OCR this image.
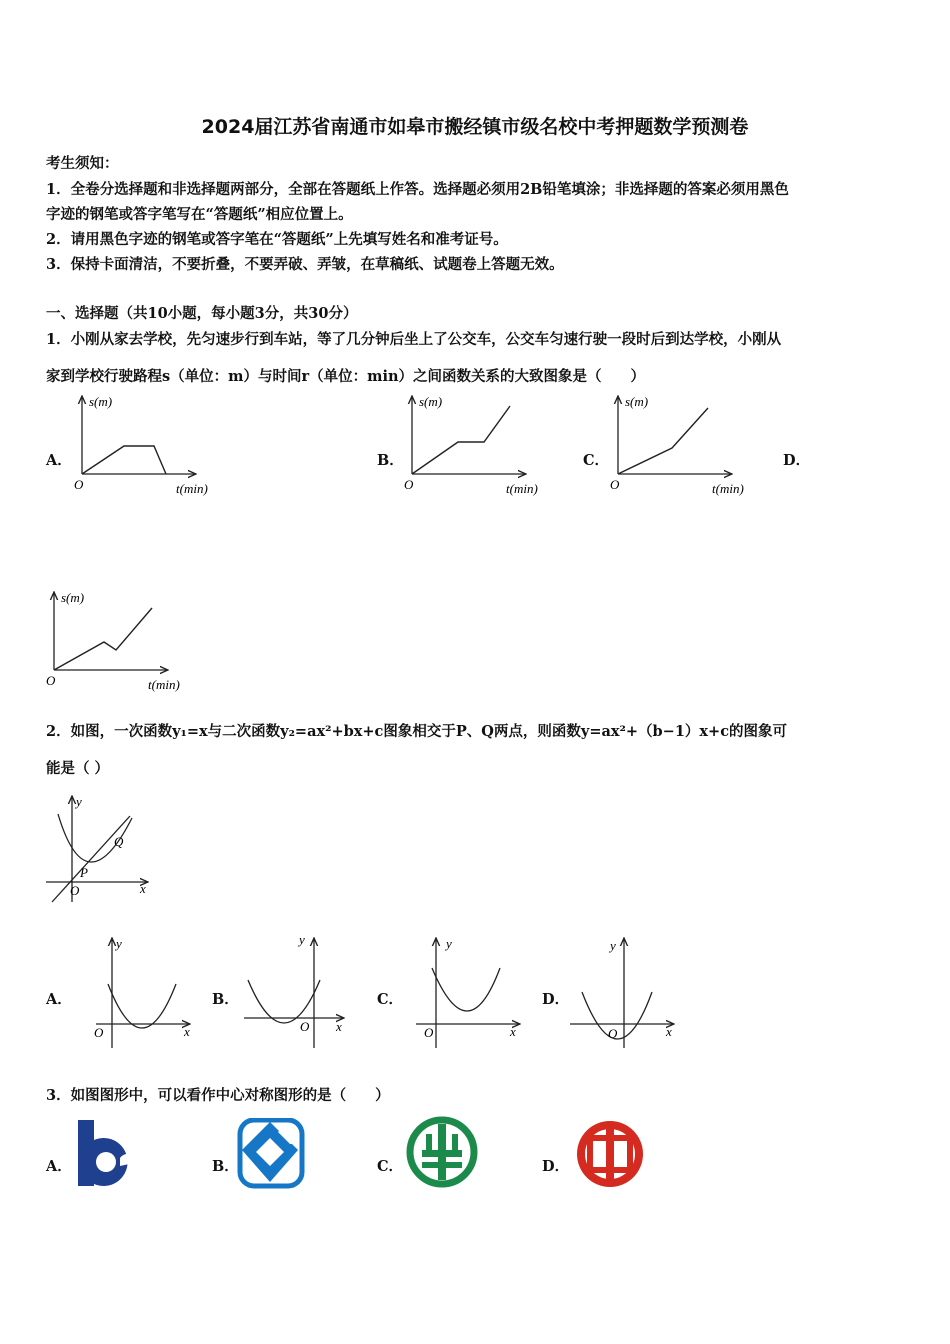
2024届江苏省南通市如皋市搬经镇市级名校中考押题数学预测卷
考生须知：
1．全卷分选择题和非选择题两部分，全部在答题纸上作答。选择题必须用2B铅笔填涂；非选择题的答案必须用黑色
字迹的钢笔或答字笔写在“答题纸”相应位置上。
2．请用黑色字迹的钢笔或答字笔在“答题纸”上先填写姓名和准考证号。
3．保持卡面清洁，不要折叠，不要弄破、弄皱，在草稿纸、试题卷上答题无效。
一、选择题（共10小题，每小题3分，共30分）
1．小刚从家去学校，先匀速步行到车站，等了几分钟后坐上了公交车，公交车匀速行驶一段时后到达学校，小刚从
家到学校行驶路程s（单位：m）与时间r（单位：min）之间函数关系的大致图象是（　　）
A．	B．	C．	D．
s(m)
t(min)
O
s(m)
t(min)
O
s(m)
t(min)
O
s(m)
t(min)
O
2．如图，一次函数y₁=x与二次函数y₂=ax²+bx+c图象相交于P、Q两点，则函数y=ax²+（b−1）x+c的图象可
能是（ ）
y
x
O
P
Q
A．	B．	C．	D．
y
x
O
y
x
O
y
x
O
y
x
O
3．如图图形中，可以看作中心对称图形的是（　　）
A．	B．	C．	D．
